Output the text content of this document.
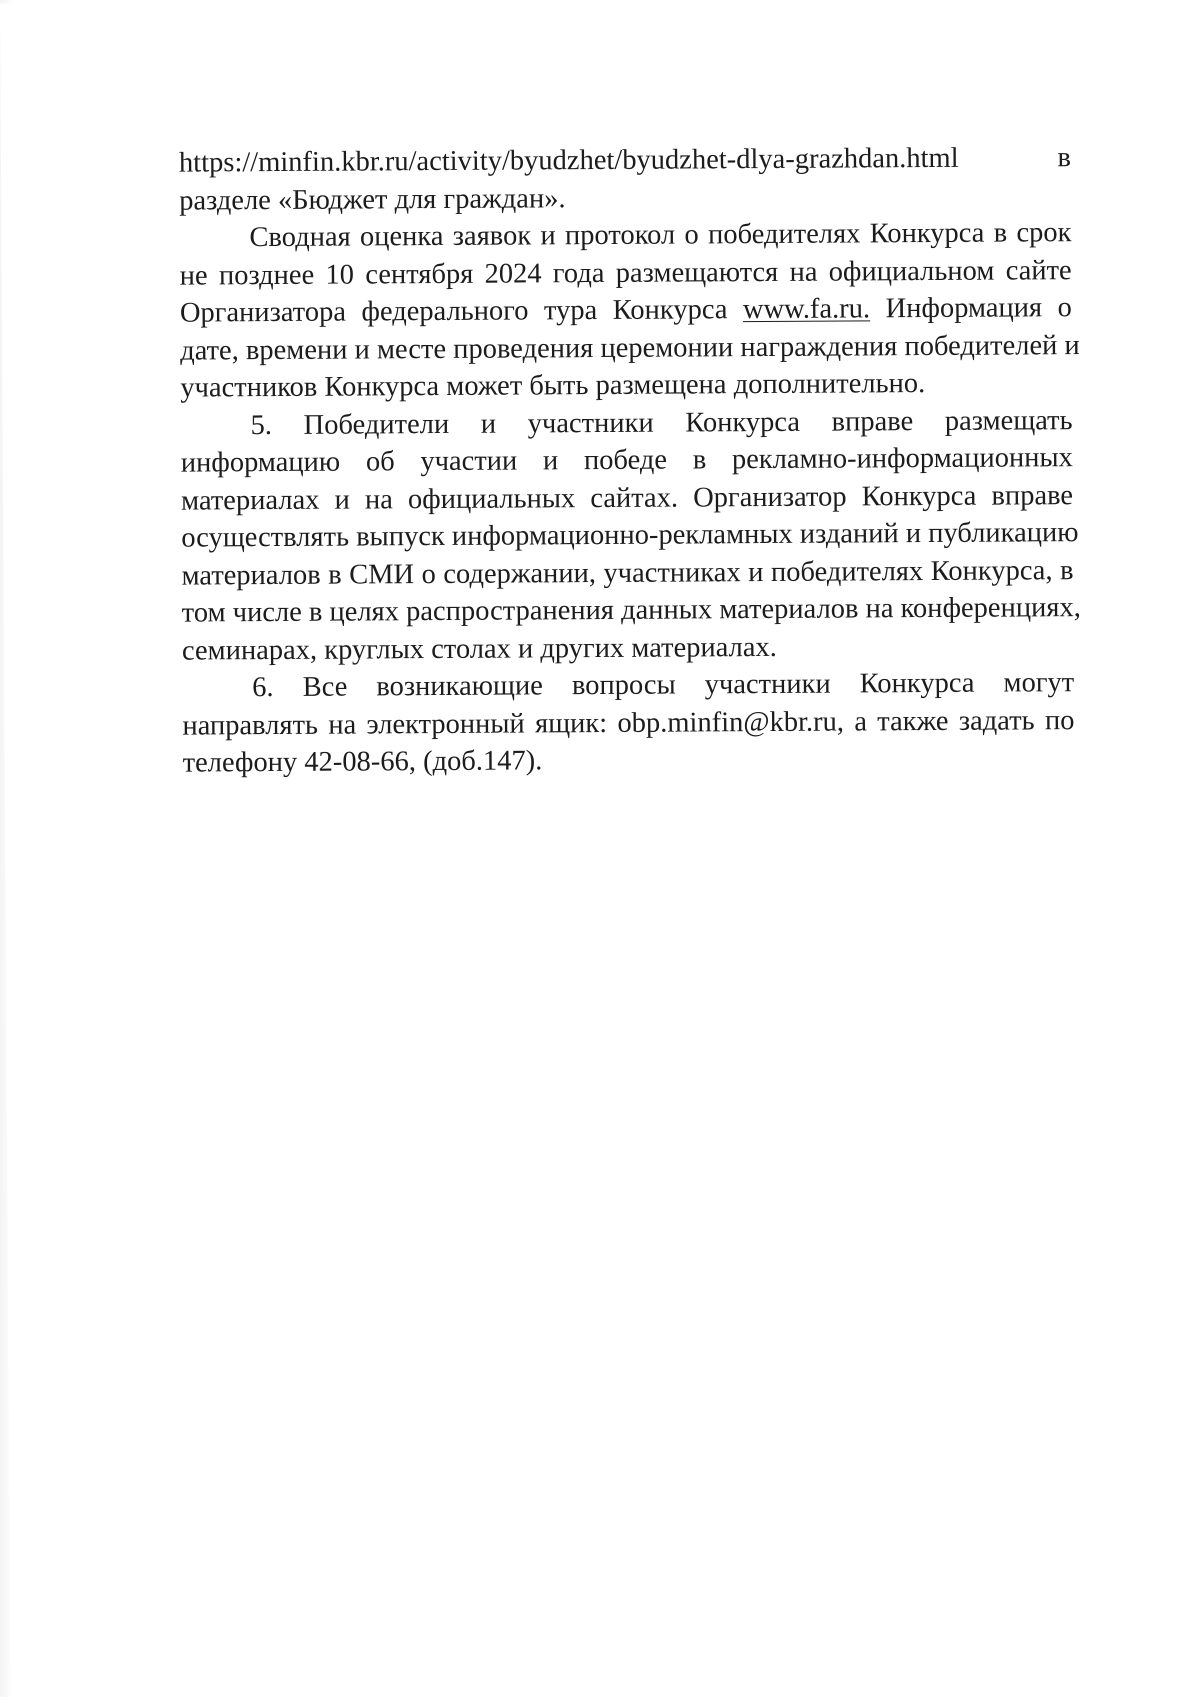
https://minfin.kbr.ru/activity/byudzhet/byudzhet-dlya-grazhdan.html	в
разделе «Бюджет для граждан».
Сводная оценка заявок и протокол о победителях Конкурса в срок
не позднее 10 сентября 2024 года размещаются на официальном сайте
Организатора федерального тура Конкурса www.fa.ru. Информация о
дате, времени и месте проведения церемонии награждения победителей и
участников Конкурса может быть размещена дополнительно.
5. Победители и участники Конкурса вправе размещать
информацию об участии и победе в рекламно-информационных
материалах и на официальных сайтах. Организатор Конкурса вправе
осуществлять выпуск информационно-рекламных изданий и публикацию
материалов в СМИ о содержании, участниках и победителях Конкурса, в
том числе в целях распространения данных материалов на конференциях,
семинарах, круглых столах и других материалах.
6. Все возникающие вопросы участники Конкурса могут
направлять на электронный ящик: obp.minfin@kbr.ru, а также задать по
телефону 42-08-66, (доб.147).
